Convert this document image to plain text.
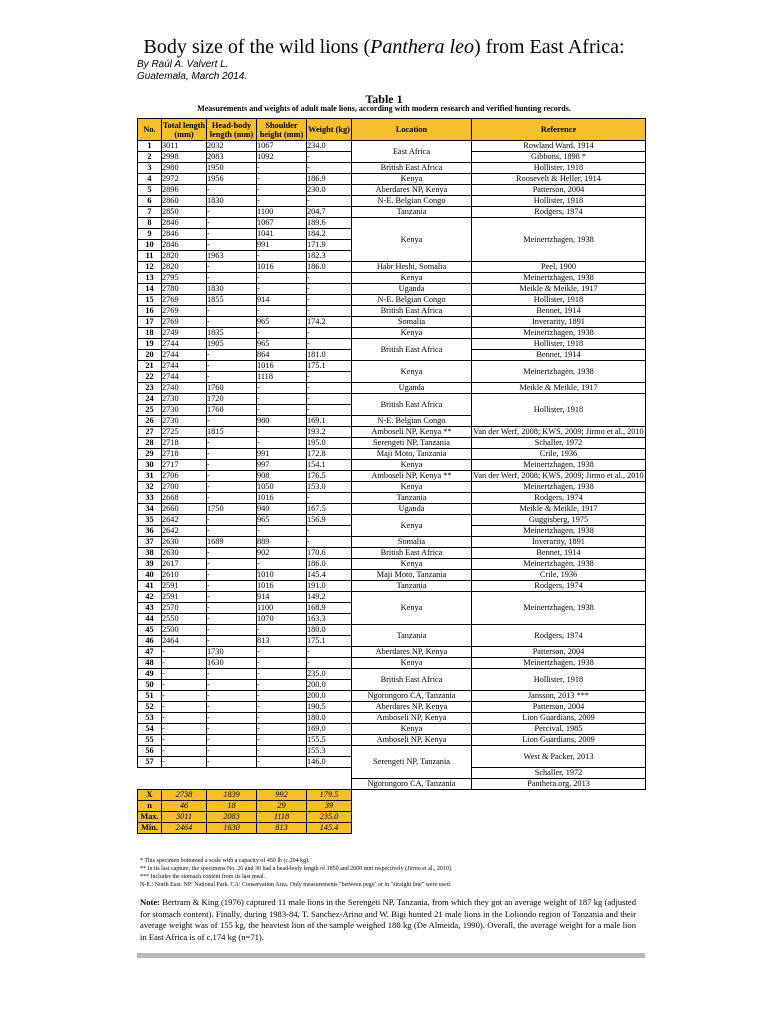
Body size of the wild lions (Panthera leo) from East Africa:
By Raúl A. Valvert L.
Guatemala, March 2014.
Table 1
Measurements and weights of adult male lions, according with modern research and verified hunting records.
No.	Total length (mm)	Head-body length (mm)	Shoulder height (mm)	Weight (kg)	Location	Reference
1	3011	2032	1067	234.0	East Africa	Rowland Ward, 1914
2	2998	2083	1092	-		Gibbons, 1898 *
3	2980	1950	-	-	British East Africa	Hollister, 1918
4	2972	1956	-	186.9	Kenya	Roosevelt & Heller, 1914
5	2896	-	-	230.0	Aberdares NP, Kenya	Patterson, 2004
6	2860	1830	-	-	N-E. Belgian Congo	Hollister, 1918
7	2850	-	1100	204.7	Tanzania	Rodgers, 1974
8	2846	-	1067	189.6	Kenya	Meinertzhagen, 1938
9	2846	-	1041	184.2		
10	2846	-	991	171.9		
11	2820	1963	-	182.3		
12	2820	-	1016	186.0	Habr Heshi, Somalia	Peel, 1900
13	2795	-	-	-	Kenya	Meinertzhagen, 1938
14	2780	1830	-	-	Uganda	Meikle & Meikle, 1917
15	2769	1855	914	-	N-E. Belgian Congo	Hollister, 1918
16	2769	-	-	-	British East Africa	Bennet, 1914
17	2769	-	965	174.2	Somalia	Inverarity, 1891
18	2749	1835	-	-	Kenya	Meinertzhagen, 1938
19	2744	1905	965	-	British East Africa	Hollister, 1918
20	2744	-	864	181.0		Bennet, 1914
21	2744	-	1016	175.1	Kenya	Meinertzhagen, 1938
22	2744	-	1118	-		
23	2740	1760	-	-	Uganda	Meikle & Meikle, 1917
24	2730	1720	-	-	British East Africa	Hollister, 1918
25	2730	1760	-	-		
26	2730	-	980	169.1	N-E. Belgian Congo	
27	2725	1815	-	193.2	Amboseli NP, Kenya **	Van der Werf, 2008; KWS, 2009; Jirmo et al., 2010
28	2718	-	-	195.0	Serengeti NP, Tanzania	Schaller, 1972
29	2718	-	991	172.8	Maji Moto, Tanzania	Crile, 1936
30	2717	-	997	154.1	Kenya	Meinertzhagen, 1938
31	2706	-	908	176.5	Amboseli NP, Kenya **	Van der Werf, 2008; KWS, 2009; Jirmo et al., 2010
32	2700	-	1050	153.0	Kenya	Meinertzhagen, 1938
33	2668	-	1016	-	Tanzania	Rodgers, 1974
34	2660	1750	940	167.5	Uganda	Meikle & Meikle, 1917
35	2642	-	965	156.9	Kenya	Guggisberg, 1975
36	2642	-	-	-		Meinertzhagen, 1938
37	2630	1689	889	-	Somalia	Inverarity, 1891
38	2630	-	902	170.6	British East Africa	Bennet, 1914
39	2617	-	-	186.0	Kenya	Meinertzhagen, 1938
40	2610	-	1010	145.4	Maji Moto, Tanzania	Crile, 1936
41	2591	-	1016	191.0	Tanzania	Rodgers, 1974
42	2591	-	914	149.2	Kenya	Meinertzhagen, 1938
43	2570	-	1100	168.9		
44	2550	-	1070	163.3		
45	2500	-	-	180.0	Tanzania	Rodgers, 1974
46	2464	-	813	175.1		
47	-	1730	-	-	Aberdares NP, Kenya	Patterson, 2004
48	-	1630	-	-	Kenya	Meinertzhagen, 1938
49	-	-	-	235.0	British East Africa	Hollister, 1918
50	-	-	-	200.0		
51	-	-	-	200.0	Ngorongoro CA, Tanzania	Jansson, 2013 ***
52	-	-	-	190.5	Aberdares NP, Kenya	Patterson, 2004
53	-	-	-	180.0	Amboseli NP, Kenya	Lion Guardians, 2009
54	-	-	-	169.0	Kenya	Percival, 1985
55	-	-	-	155.5	Amboseli NP, Kenya	Lion Guardians, 2009
56	-	-	-	155.3	Serengeti NP, Tanzania	West & Packer, 2013
57	-	-	-	146.0		
						Schaller, 1972
					Ngorongoro CA, Tanzania	Panthera.org, 2013
X	2738	1839	992	179.5		
n	46	18	29	39		
Max.	3011	2083	1118	235.0		
Min.	2464	1630	813	145.4		
* This specimen bottomed a scale with a capacity of 450 lb (c.204 kg).
** In its last capture, the specimens No. 26 and 30 had a head-body length of 1850 and 2000 mm respectively (Jirmo et al., 2010).
*** Includes the stomach content from its last meal.
N-E.: North East. NP: National Park. CA: Conservation Area. Only measurements "between pegs" or in "straight line" were used.
Note: Bertram & King (1976) captured 11 male lions in the Serengeti NP, Tanzania, from which they got an average weight of 187 kg (adjusted for stomach content). Finally, during 1983-84, T. Sanchez-Arino and W. Bigi hunted 21 male lions in the Loliondo region of Tanzania and their average weight was of 155 kg, the heaviest lion of the sample weighed 180 kg (De Almeida, 1990). Overall, the average weight for a male lion in East Africa is of c.174 kg (n=71).
